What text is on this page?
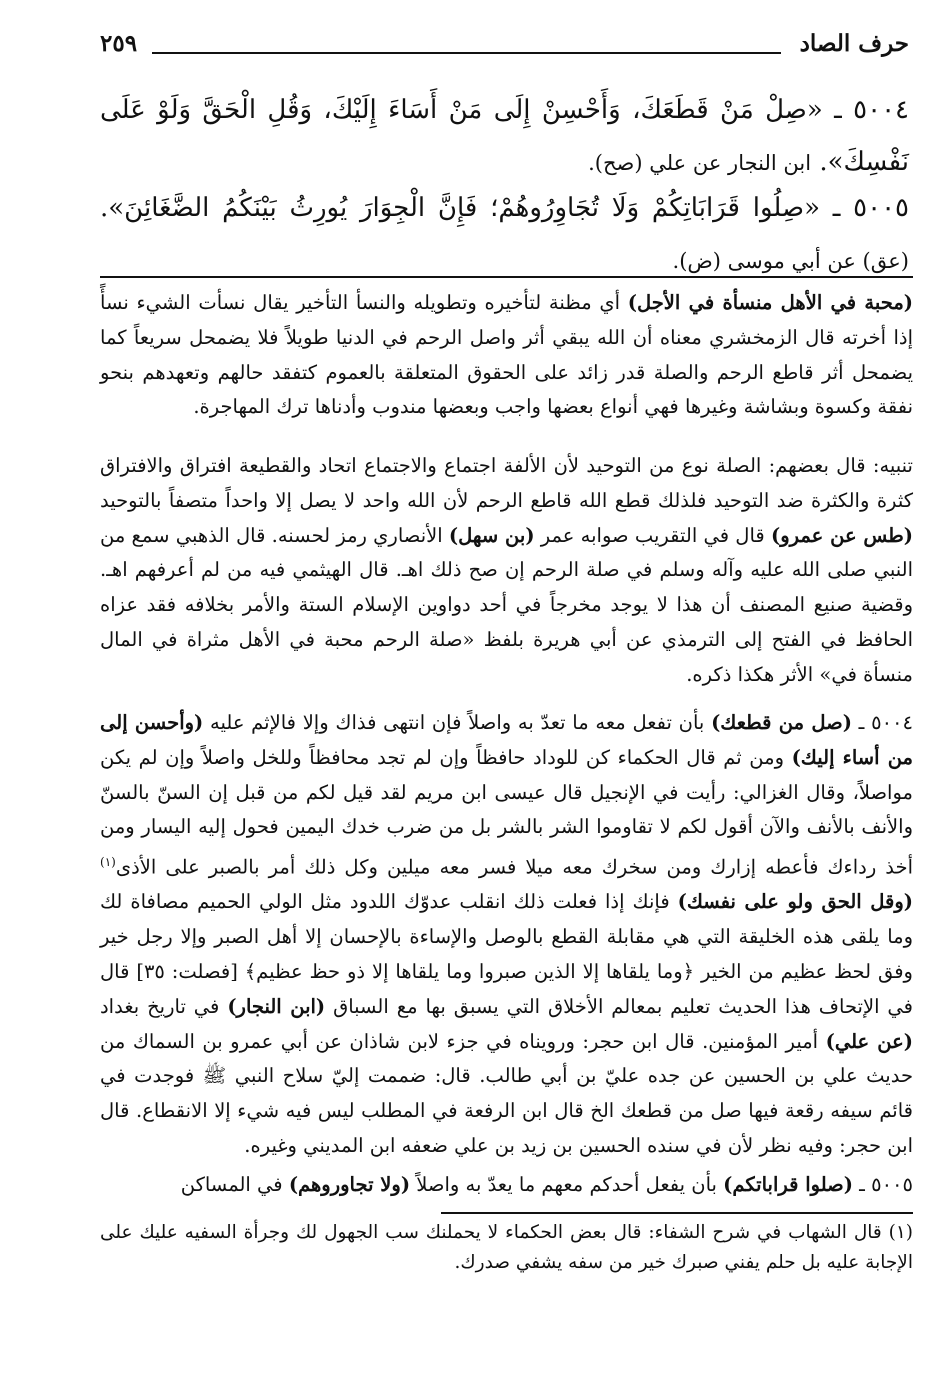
حرف الصاد
٢٥٩
٥٠٠٤ ـ «صِلْ مَنْ قَطَعَكَ، وَأَحْسِنْ إِلَى مَنْ أَسَاءَ إِلَيْكَ، وَقُلِ الْحَقَّ وَلَوْ عَلَى نَفْسِكَ». ابن النجار عن علي (صح).
٥٠٠٥ ـ «صِلُوا قَرَابَاتِكُمْ وَلَا تُجَاوِرُوهُمْ؛ فَإِنَّ الْجِوَارَ يُورِثُ بَيْنَكُمُ الضَّغَائِنَ». (عق) عن أبي موسى (ض).

(محبة في الأهل منسأة في الأجل) أي مظنة لتأخيره وتطويله والنسأ التأخير يقال نسأت الشيء نسأً إذا أخرته قال الزمخشري معناه أن الله يبقي أثر واصل الرحم في الدنيا طويلاً فلا يضمحل سريعاً كما يضمحل أثر قاطع الرحم والصلة قدر زائد على الحقوق المتعلقة بالعموم كتفقد حالهم وتعهدهم بنحو نفقة وكسوة وبشاشة وغيرها فهي أنواع بعضها واجب وبعضها مندوب وأدناها ترك المهاجرة.

تنبيه: قال بعضهم: الصلة نوع من التوحيد لأن الألفة اجتماع والاجتماع اتحاد والقطيعة افتراق والافتراق كثرة والكثرة ضد التوحيد فلذلك قطع الله قاطع الرحم لأن الله واحد لا يصل إلا واحداً متصفاً بالتوحيد (طس عن عمرو) قال في التقريب صوابه عمر (بن سهل) الأنصاري رمز لحسنه. قال الذهبي سمع من النبي صلى الله عليه وآله وسلم في صلة الرحم إن صح ذلك اهـ. قال الهيثمي فيه من لم أعرفهم اهـ. وقضية صنيع المصنف أن هذا لا يوجد مخرجاً في أحد دواوين الإسلام الستة والأمر بخلافه فقد عزاه الحافظ في الفتح إلى الترمذي عن أبي هريرة بلفظ «صلة الرحم محبة في الأهل مثراة في المال منسأة في» الأثر هكذا ذكره.

٥٠٠٤ ـ (صل من قطعك) بأن تفعل معه ما تعدّ به واصلاً فإن انتهى فذاك وإلا فالإثم عليه (وأحسن إلى من أساء إليك) ومن ثم قال الحكماء كن للوداد حافظاً وإن لم تجد محافظاً وللخل واصلاً وإن لم يكن مواصلاً، وقال الغزالي: رأيت في الإنجيل قال عيسى ابن مريم لقد قيل لكم من قبل إن السنّ بالسنّ والأنف بالأنف والآن أقول لكم لا تقاوموا الشر بالشر بل من ضرب خدك اليمين فحول إليه اليسار ومن أخذ رداءك فأعطه إزارك ومن سخرك معه ميلا فسر معه ميلين وكل ذلك أمر بالصبر على الأذى$^{(١)}$ (وقل الحق ولو على نفسك) فإنك إذا فعلت ذلك انقلب عدوّك اللدود مثل الولي الحميم مصافاة لك وما يلقى هذه الخليقة التي هي مقابلة القطع بالوصل والإساءة بالإحسان إلا أهل الصبر وإلا رجل خير وفق لحظ عظيم من الخير ﴿وما يلقاها إلا الذين صبروا وما يلقاها إلا ذو حظ عظيم﴾ [فصلت: ٣٥] قال في الإتحاف هذا الحديث تعليم بمعالم الأخلاق التي يسبق بها مع السباق (ابن النجار) في تاريخ بغداد (عن علي) أمير المؤمنين. قال ابن حجر: ورويناه في جزء لابن شاذان عن أبي عمرو بن السماك من حديث علي بن الحسين عن جده عليّ بن أبي طالب. قال: ضممت إليّ سلاح النبي ﷺ فوجدت في قائم سيفه رقعة فيها صل من قطعك الخ قال ابن الرفعة في المطلب ليس فيه شيء إلا الانقطاع. قال ابن حجر: وفيه نظر لأن في سنده الحسين بن زيد بن علي ضعفه ابن المديني وغيره.

٥٠٠٥ ـ (صلوا قراباتكم) بأن يفعل أحدكم معهم ما يعدّ به واصلاً (ولا تجاوروهم) في المساكن

(١) قال الشهاب في شرح الشفاء: قال بعض الحكماء لا يحملنك سب الجهول لك وجرأة السفيه عليك على الإجابة عليه بل حلم يفني صبرك خير من سفه يشفي صدرك.
